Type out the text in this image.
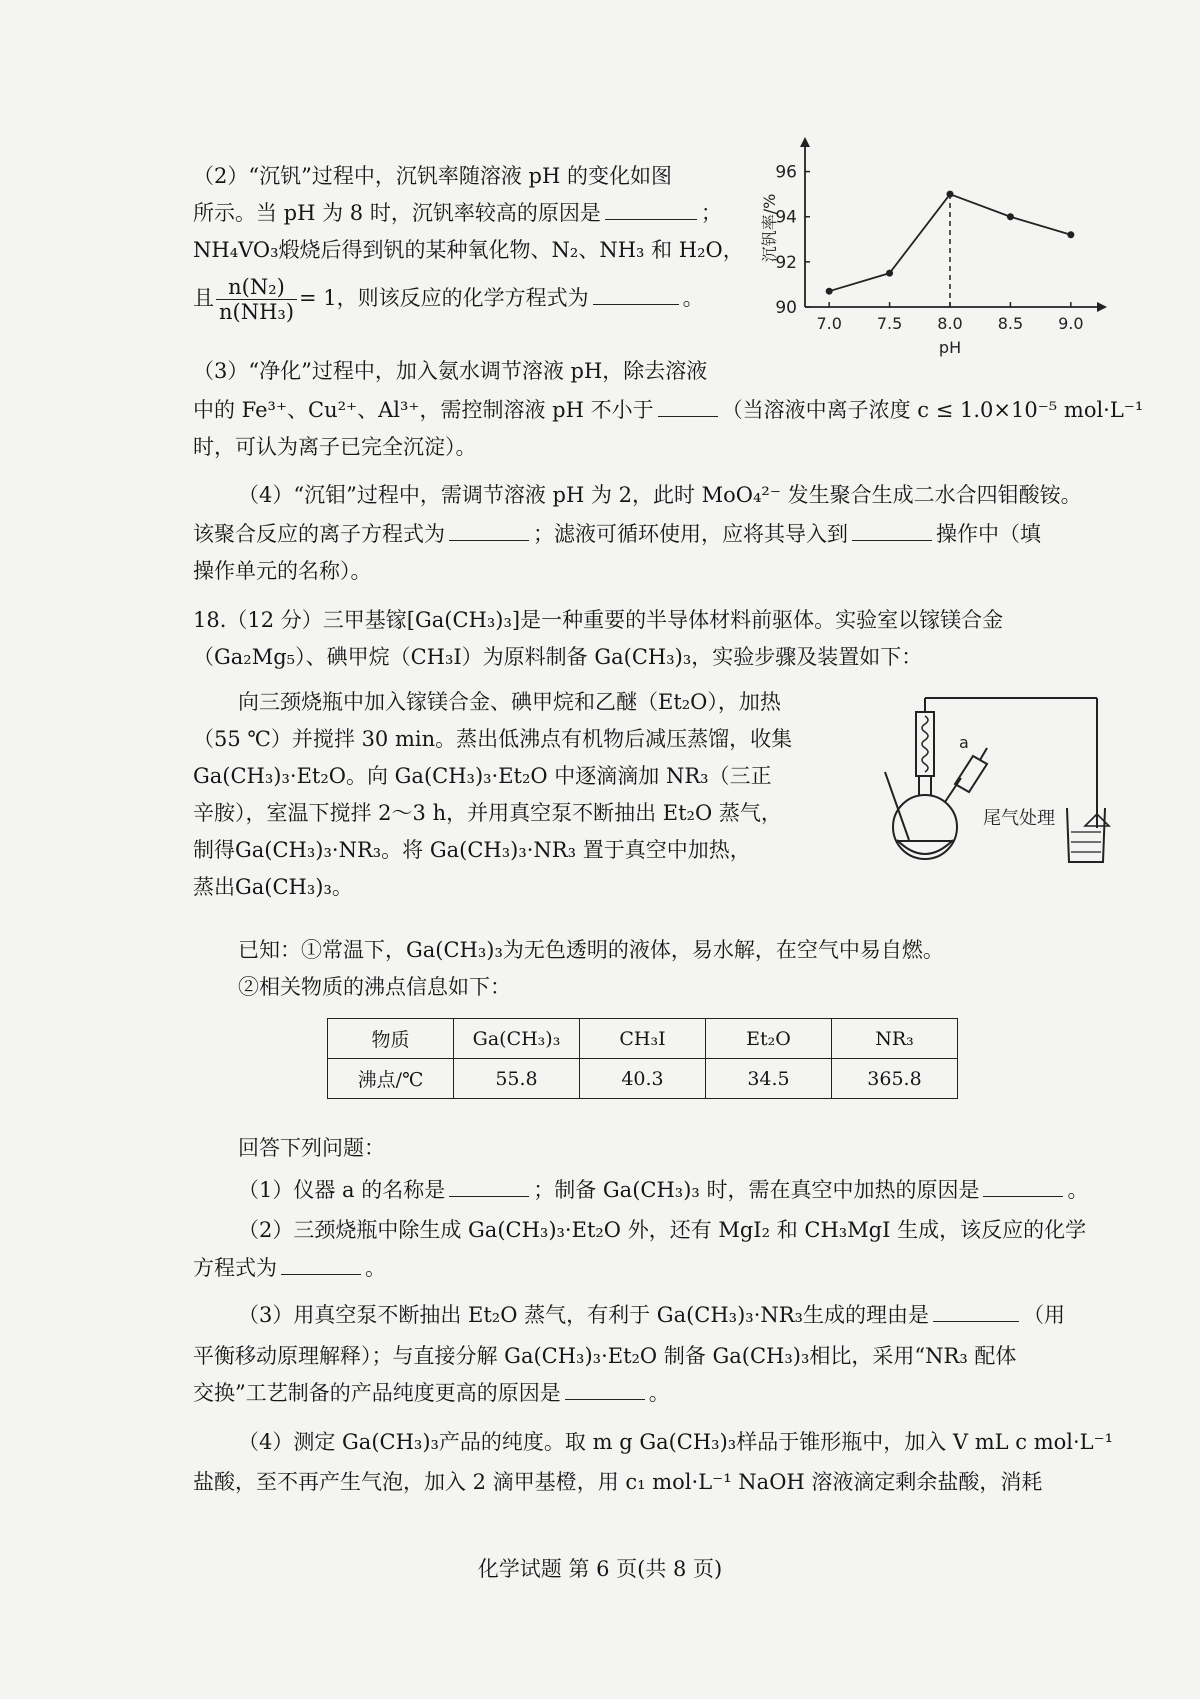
（2）“沉钒”过程中，沉钒率随溶液 pH 的变化如图

所示。当 pH 为 8 时，沉钒率较高的原因是	；

NH₄VO₃煅烧后得到钒的某种氧化物、N₂、NH₃ 和 H₂O，

且 $\frac{\text{n(N₂)}}{\text{n(NH₃)}} = 1$，则该反应的化学方程式为	。

（3）“净化”过程中，加入氨水调节溶液 pH，除去溶液

中的 Fe³⁺、Cu²⁺、Al³⁺，需控制溶液 pH 不小于	（当溶液中离子浓度 c ≤ 1.0×10⁻⁵ mol·L⁻¹

时，可认为离子已完全沉淀）。

（4）“沉钼”过程中，需调节溶液 pH 为 2，此时 MoO₄²⁻ 发生聚合生成二水合四钼酸铵。

该聚合反应的离子方程式为	；滤液可循环使用，应将其导入到	操作中（填

操作单元的名称）。

18.（12 分）三甲基镓[Ga(CH₃)₃]是一种重要的半导体材料前驱体。实验室以镓镁合金

（Ga₂Mg₅）、碘甲烷（CH₃I）为原料制备 Ga(CH₃)₃，实验步骤及装置如下：

向三颈烧瓶中加入镓镁合金、碘甲烷和乙醚（Et₂O），加热

（55 ℃）并搅拌 30 min。蒸出低沸点有机物后减压蒸馏，收集

Ga(CH₃)₃·Et₂O。向 Ga(CH₃)₃·Et₂O 中逐滴滴加 NR₃（三正

辛胺），室温下搅拌 2～3 h，并用真空泵不断抽出 Et₂O 蒸气，

制得Ga(CH₃)₃·NR₃。将 Ga(CH₃)₃·NR₃ 置于真空中加热，

蒸出Ga(CH₃)₃。

已知：①常温下，Ga(CH₃)₃为无色透明的液体，易水解，在空气中易自燃。

②相关物质的沸点信息如下：

物质	Ga(CH₃)₃	CH₃I	Et₂O	NR₃
沸点/℃	55.8	40.3	34.5	365.8
回答下列问题：

（1）仪器 a 的名称是	；制备 Ga(CH₃)₃ 时，需在真空中加热的原因是	。

（2）三颈烧瓶中除生成 Ga(CH₃)₃·Et₂O 外，还有 MgI₂ 和 CH₃MgI 生成，该反应的化学

方程式为	。

（3）用真空泵不断抽出 Et₂O 蒸气，有利于 Ga(CH₃)₃·NR₃生成的理由是	（用

平衡移动原理解释）；与直接分解 Ga(CH₃)₃·Et₂O 制备 Ga(CH₃)₃相比，采用“NR₃ 配体

交换”工艺制备的产品纯度更高的原因是	。

（4）测定 Ga(CH₃)₃产品的纯度。取 m g Ga(CH₃)₃样品于锥形瓶中，加入 V mL c mol·L⁻¹

盐酸，至不再产生气泡，加入 2 滴甲基橙，用 c₁ mol·L⁻¹ NaOH 溶液滴定剩余盐酸，消耗

化学试题 第 6 页(共 8 页)
7.0 7.5 8.0 8.5 9.0
90
92
94
96
pH
沉钒率/%
a
尾气处理
